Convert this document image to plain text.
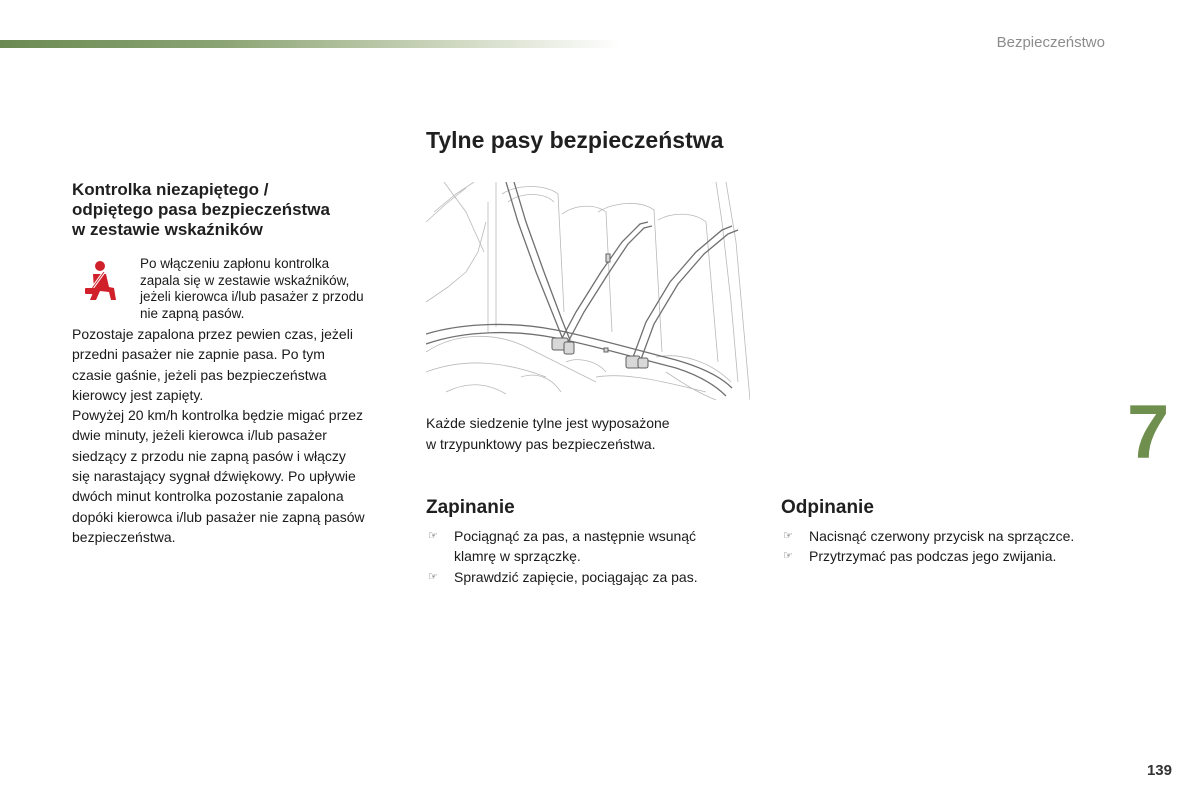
Bezpieczeństwo
Tylne pasy bezpieczeństwa
Kontrolka niezapiętego /
odpiętego pasa bezpieczeństwa
w zestawie wskaźników

Po włączeniu zapłonu kontrolka
zapala się w zestawie wskaźników,
jeżeli kierowca i/lub pasażer z przodu
nie zapną pasów.

Pozostaje zapalona przez pewien czas, jeżeli
przedni pasażer nie zapnie pasa. Po tym
czasie gaśnie, jeżeli pas bezpieczeństwa
kierowcy jest zapięty.

Powyżej 20 km/h kontrolka będzie migać przez
dwie minuty, jeżeli kierowca i/lub pasażer
siedzący z przodu nie zapną pasów i włączy
się narastający sygnał dźwiękowy. Po upływie
dwóch minut kontrolka pozostanie zapalona
dopóki kierowca i/lub pasażer nie zapną pasów
bezpieczeństwa.

Każde siedzenie tylne jest wyposażone
w trzypunktowy pas bezpieczeństwa.

Zapinanie
☞ Pociągnąć za pas, a następnie wsunąć
klamrę w sprzączkę.
☞ Sprawdzić zapięcie, pociągając za pas.
Odpinanie
☞ Nacisnąć czerwony przycisk na sprzączce.
☞ Przytrzymać pas podczas jego zwijania.
7
139
